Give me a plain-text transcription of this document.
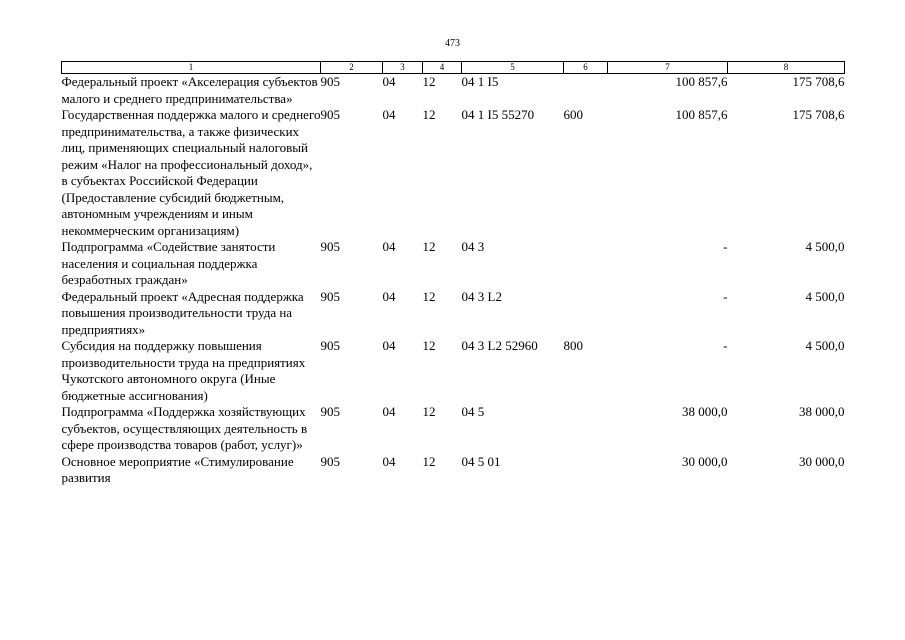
473
1	2	3	4	5	6	7	8
Федеральный проект «Акселерация субъектов малого и среднего предпринимательства»	905	04	12	04 1 I5		100 857,6	175 708,6
Государственная поддержка малого и среднего предпринимательства, а также физических лиц, применяющих специальный налоговый режим «Налог на профессиональный доход», в субъектах Российской Федерации (Предоставление субсидий бюджетным, автономным учреждениям и иным некоммерческим организациям)	905	04	12	04 1 I5 55270	600	100 857,6	175 708,6
Подпрограмма «Содействие занятости населения и социальная поддержка безработных граждан»	905	04	12	04 3		-	4 500,0
Федеральный проект «Адресная поддержка повышения производительности труда на предприятиях»	905	04	12	04 3 L2		-	4 500,0
Субсидия на поддержку повышения производительности труда на предприятиях Чукотского автономного округа (Иные бюджетные ассигнования)	905	04	12	04 3 L2 52960	800	-	4 500,0
Подпрограмма «Поддержка хозяйствующих субъектов, осуществляющих деятельность в сфере производства товаров (работ, услуг)»	905	04	12	04 5		38 000,0	38 000,0
Основное мероприятие «Стимулирование развития	905	04	12	04 5 01		30 000,0	30 000,0
